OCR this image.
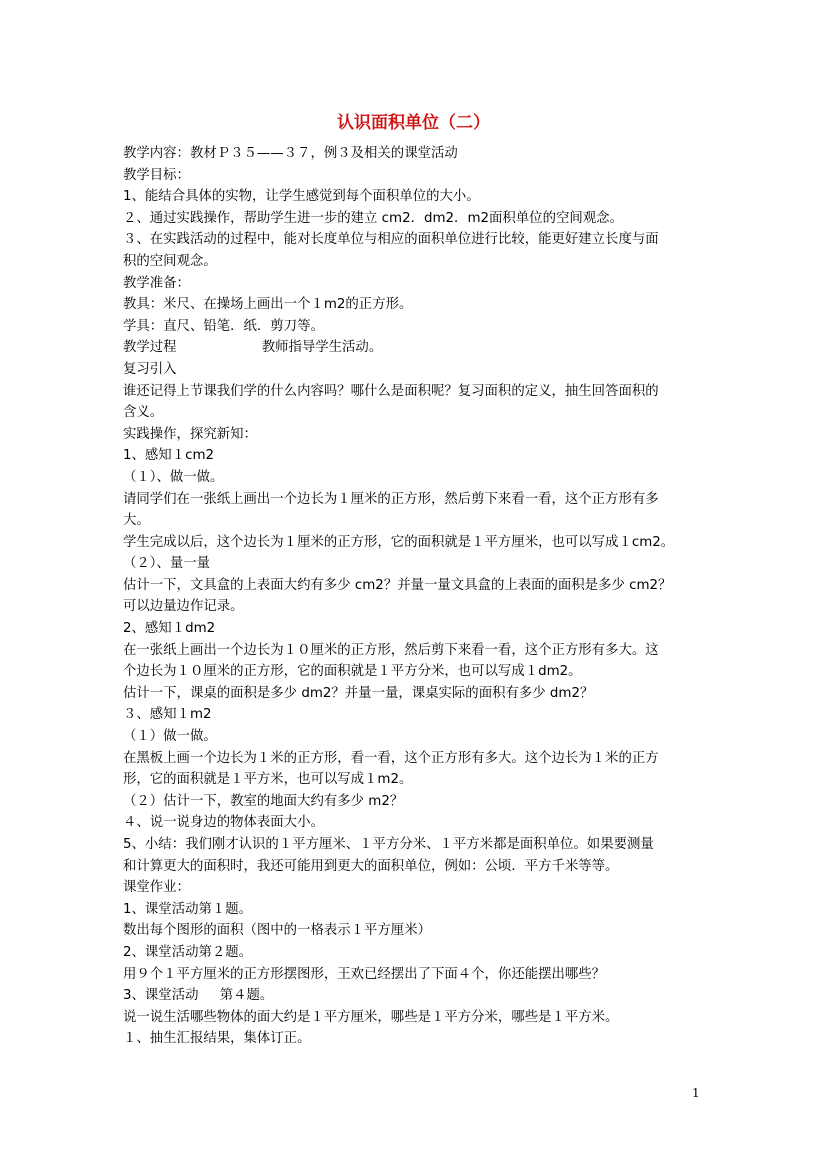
认识面积单位（二）
教学内容：教材Ｐ３５——３７，例３及相关的课堂活动
教学目标：
1、能结合具体的实物，让学生感觉到每个面积单位的大小。
２、通过实践操作，帮助学生进一步的建立 cm2．dm2．m2面积单位的空间观念。
３、在实践活动的过程中，能对长度单位与相应的面积单位进行比较，能更好建立长度与面
积的空间观念。
教学准备：
教具：米尺、在操场上画出一个１m2的正方形。
学具：直尺、铅笔．纸．剪刀等。
教学过程                    教师指导学生活动。
复习引入
谁还记得上节课我们学的什么内容吗？哪什么是面积呢？复习面积的定义，抽生回答面积的
含义。
实践操作，探究新知：
1、感知１cm2
（１）、做一做。
请同学们在一张纸上画出一个边长为１厘米的正方形，然后剪下来看一看，这个正方形有多
大。
学生完成以后，这个边长为１厘米的正方形，它的面积就是１平方厘米，也可以写成１cm2。
（２）、量一量
估计一下，文具盒的上表面大约有多少 cm2？并量一量文具盒的上表面的面积是多少 cm2？
可以边量边作记录。
2、感知１dm2
在一张纸上画出一个边长为１０厘米的正方形，然后剪下来看一看，这个正方形有多大。这
个边长为１０厘米的正方形，它的面积就是１平方分米，也可以写成１dm2。
估计一下，课桌的面积是多少 dm2？并量一量，课桌实际的面积有多少 dm2？
３、感知１m2
（１）做一做。
在黑板上画一个边长为１米的正方形，看一看，这个正方形有多大。这个边长为１米的正方
形，它的面积就是１平方米，也可以写成１m2。
（２）估计一下，教室的地面大约有多少 m2？
４、说一说身边的物体表面大小。
5、小结：我们刚才认识的１平方厘米、１平方分米、１平方米都是面积单位。如果要测量
和计算更大的面积时，我还可能用到更大的面积单位，例如：公顷．平方千米等等。
课堂作业：
1、课堂活动第１题。
数出每个图形的面积（图中的一格表示１平方厘米）
2、课堂活动第２题。
用９个１平方厘米的正方形摆图形，王欢已经摆出了下面４个，你还能摆出哪些？
3、课堂活动     第４题。
说一说生活哪些物体的面大约是１平方厘米，哪些是１平方分米，哪些是１平方米。
１、抽生汇报结果，集体订正。
1
